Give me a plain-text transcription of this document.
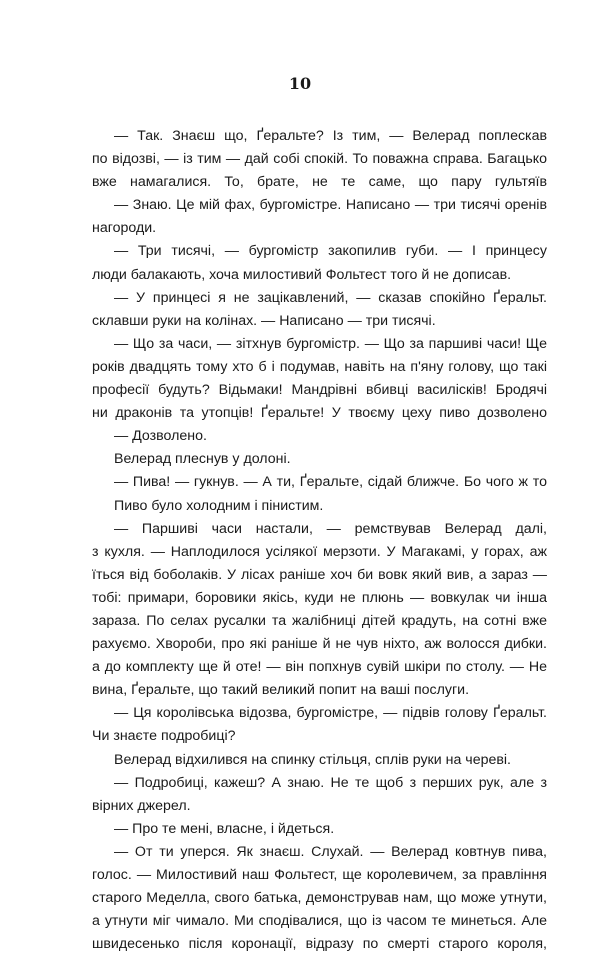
10
— Так. Знаєш що, Ґеральте? Із тим, — Велерад поплескав
по відозві, — із тим — дай собі спокій. То поважна справа. Багацько
вже намагалися. То, брате, не те саме, що пару гультяїв
— Знаю. Це мій фах, бургомістре. Написано — три тисячі оренів
нагороди.
— Три тисячі, — бургомістр закопилив губи. — І принцесу
люди балакають, хоча милостивий Фольтест того й не дописав.
— У принцесі я не зацікавлений, — сказав спокійно Ґеральт.
склавши руки на колінах. — Написано — три тисячі.
— Що за часи, — зітхнув бургомістр. — Що за паршиві часи! Ще
років двадцять тому хто б і подумав, навіть на п'яну голову, що такі
професії будуть? Відьмаки! Мандрівні вбивці василісків! Бродячі
ни драконів та утопців! Ґеральте! У твоєму цеху пиво дозволено
— Дозволено.
Велерад плеснув у долоні.
— Пива! — гукнув. — А ти, Ґеральте, сідай ближче. Бо чого ж то
Пиво було холодним і пінистим.
— Паршиві часи настали, — ремствував Велерад далі,
з кухля. — Наплодилося усілякої мерзоти. У Магакамі, у горах, аж
їться від боболаків. У лісах раніше хоч би вовк який вив, а зараз —
тобі: примари, боровики якісь, куди не плюнь — вовкулак чи інша
зараза. По селах русалки та жалібниці дітей крадуть, на сотні вже
рахуємо. Хвороби, про які раніше й не чув ніхто, аж волосся дибки.
а до комплекту ще й оте! — він попхнув сувій шкіри по столу. — Не
вина, Ґеральте, що такий великий попит на ваші послуги.
— Ця королівська відозва, бургомістре, — підвів голову Ґеральт.
Чи знаєте подробиці?
Велерад відхилився на спинку стільця, сплів руки на череві.
— Подробиці, кажеш? А знаю. Не те щоб з перших рук, але з
вірних джерел.
— Про те мені, власне, і йдеться.
— От ти уперся. Як знаєш. Слухай. — Велерад ковтнув пива,
голос. — Милостивий наш Фольтест, ще королевичем, за правління
старого Меделла, свого батька, демонстрував нам, що може утнути,
а утнути міг чимало. Ми сподівалися, що із часом те минеться. Але
швидесенько після коронації, відразу по смерті старого короля,
